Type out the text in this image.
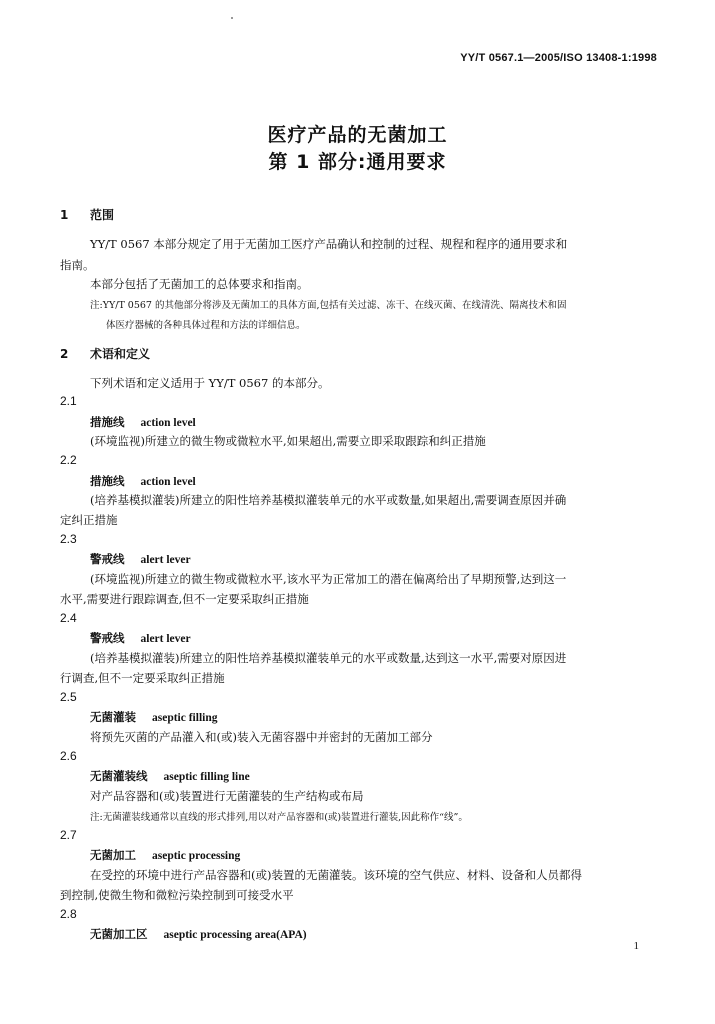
YY/T 0567.1—2005/ISO 13408-1:1998
医疗产品的无菌加工
第 1 部分:通用要求
1 范围
YY/T 0567 本部分规定了用于无菌加工医疗产品确认和控制的过程、规程和程序的通用要求和
指南。
本部分包括了无菌加工的总体要求和指南。
注:YY/T 0567 的其他部分将涉及无菌加工的具体方面,包括有关过滤、冻干、在线灭菌、在线清洗、隔离技术和固
体医疗器械的各种具体过程和方法的详细信息。
2 术语和定义
下列术语和定义适用于 YY/T 0567 的本部分。
2.1
措施线 action level
(环境监视)所建立的微生物或微粒水平,如果超出,需要立即采取跟踪和纠正措施
2.2
措施线 action level
(培养基模拟灌装)所建立的阳性培养基模拟灌装单元的水平或数量,如果超出,需要调查原因并确
定纠正措施
2.3
警戒线 alert lever
(环境监视)所建立的微生物或微粒水平,该水平为正常加工的潜在偏离给出了早期预警,达到这一
水平,需要进行跟踪调查,但不一定要采取纠正措施
2.4
警戒线 alert lever
(培养基模拟灌装)所建立的阳性培养基模拟灌装单元的水平或数量,达到这一水平,需要对原因进
行调查,但不一定要采取纠正措施
2.5
无菌灌装 aseptic filling
将预先灭菌的产品灌入和(或)装入无菌容器中并密封的无菌加工部分
2.6
无菌灌装线 aseptic filling line
对产品容器和(或)装置进行无菌灌装的生产结构或布局
注:无菌灌装线通常以直线的形式排列,用以对产品容器和(或)装置进行灌装,因此称作“线”。
2.7
无菌加工 aseptic processing
在受控的环境中进行产品容器和(或)装置的无菌灌装。该环境的空气供应、材料、设备和人员都得
到控制,使微生物和微粒污染控制到可接受水平
2.8
无菌加工区 aseptic processing area(APA)
1
